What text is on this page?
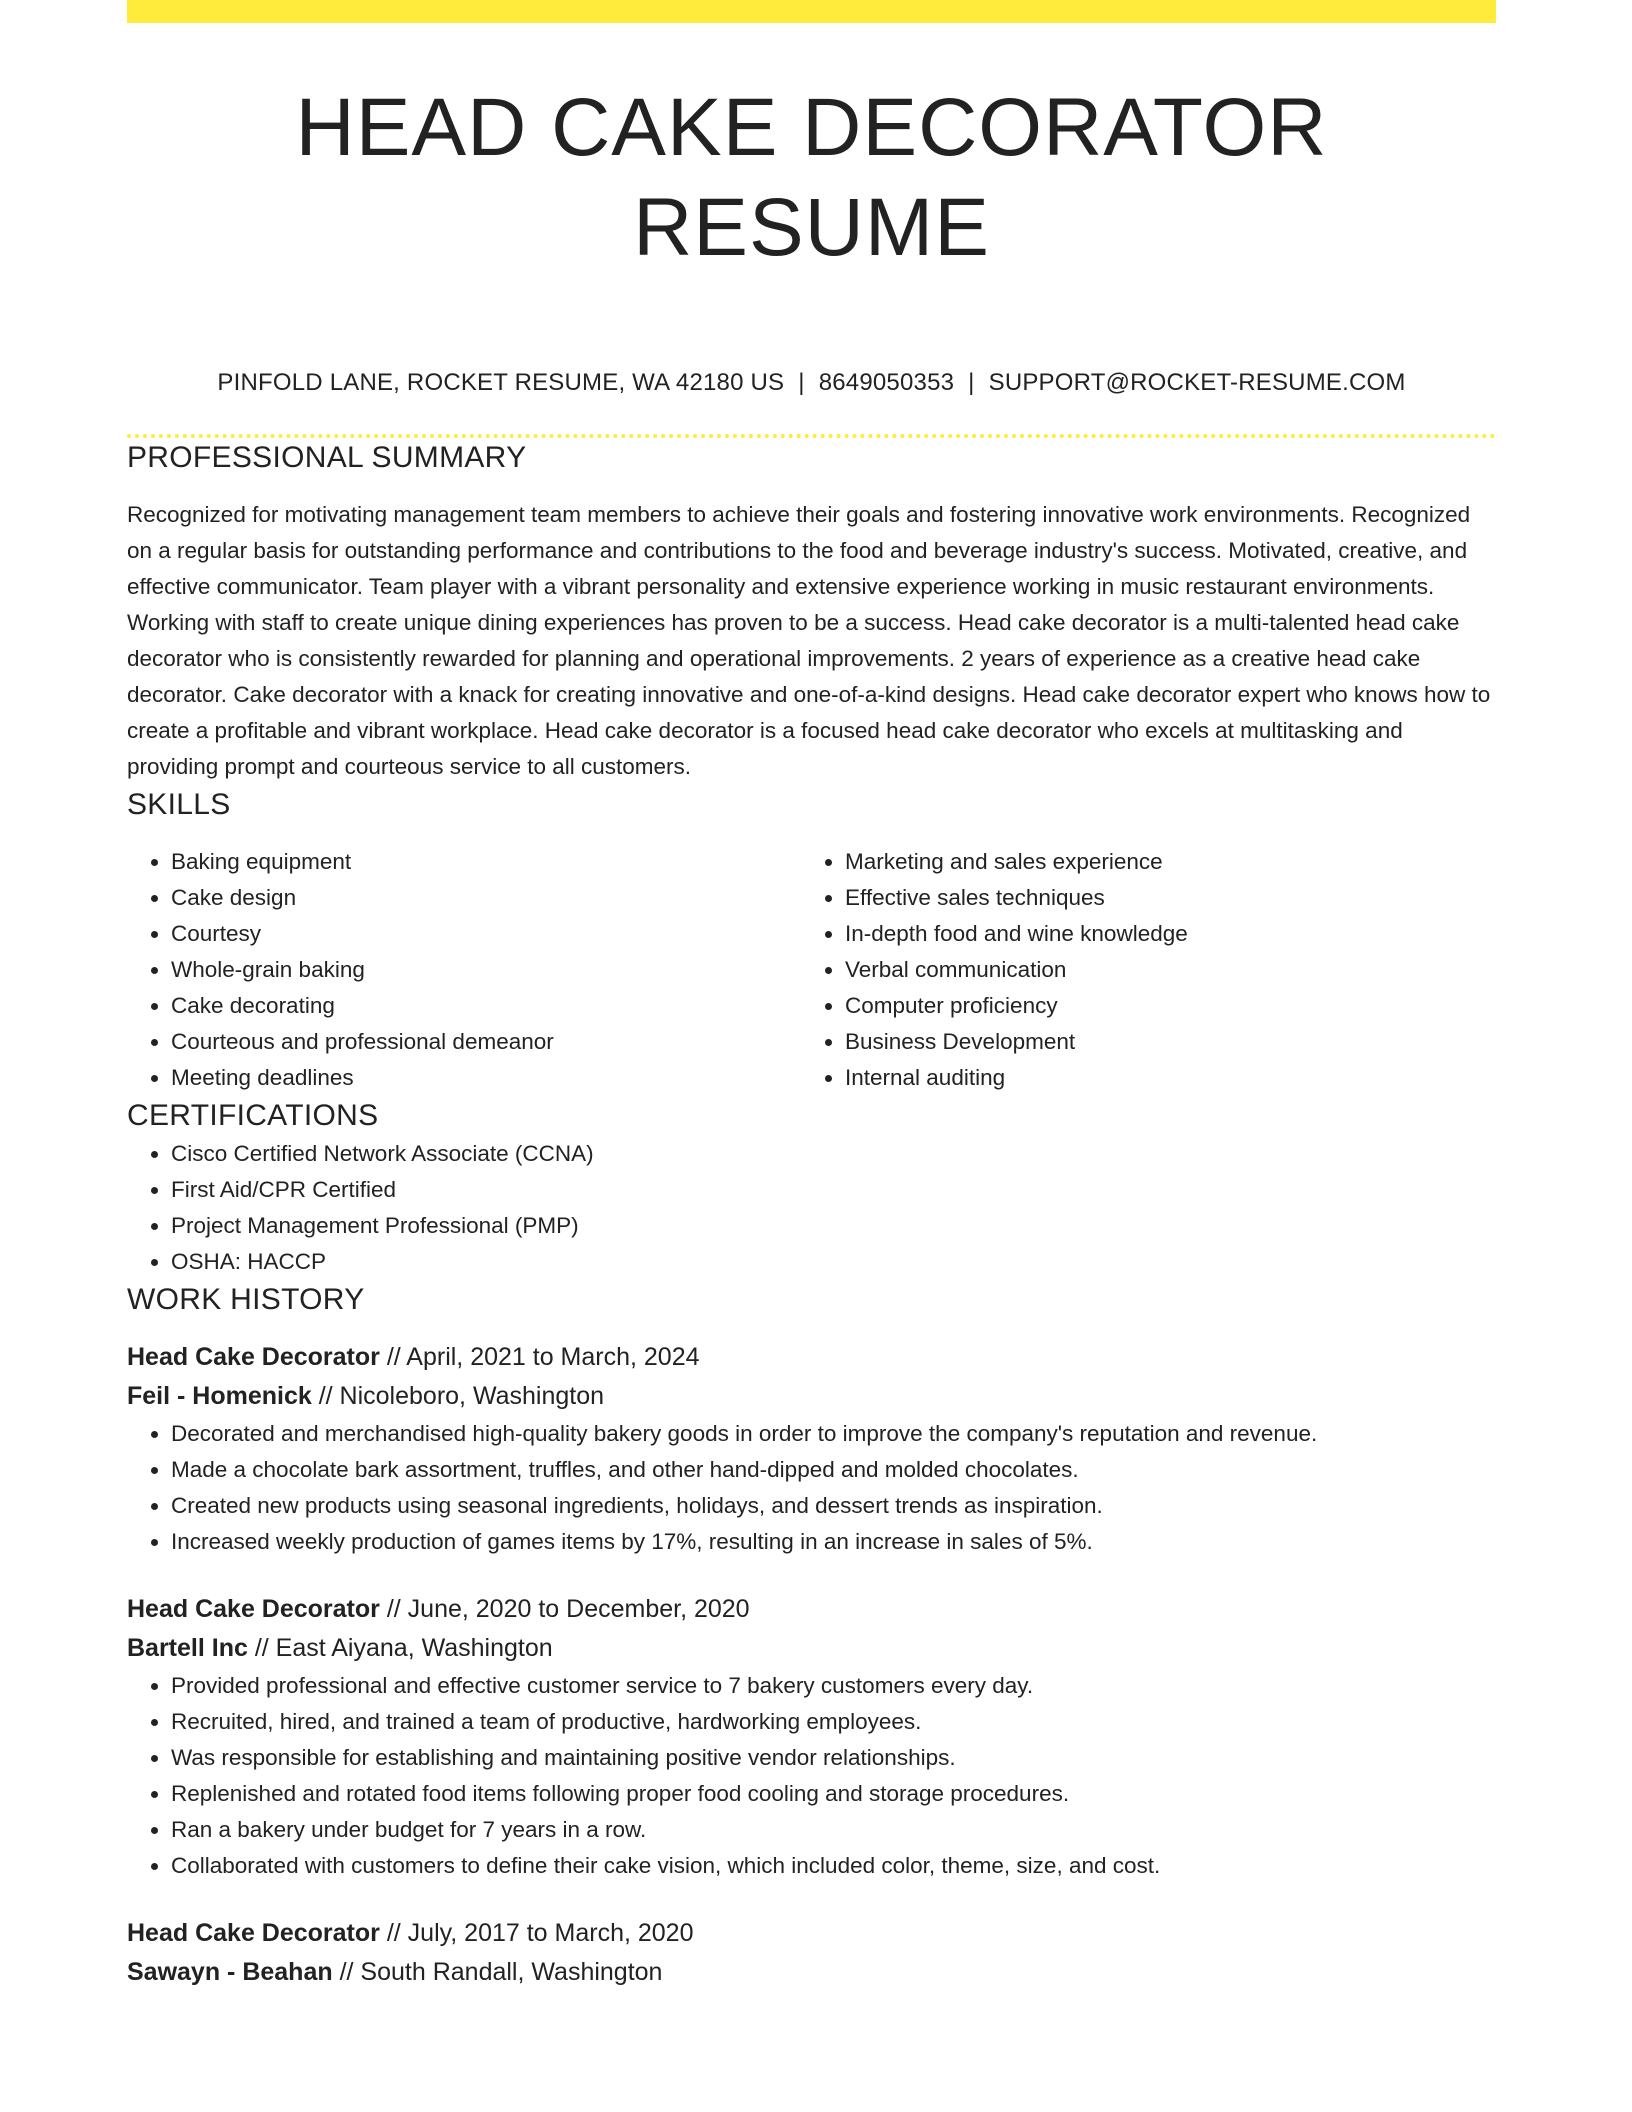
HEAD CAKE DECORATOR RESUME
PINFOLD LANE, ROCKET RESUME, WA 42180 US | 8649050353 | SUPPORT@ROCKET-RESUME.COM
PROFESSIONAL SUMMARY

Recognized for motivating management team members to achieve their goals and fostering innovative work environments. Recognized on a regular basis for outstanding performance and contributions to the food and beverage industry's success. Motivated, creative, and effective communicator. Team player with a vibrant personality and extensive experience working in music restaurant environments. Working with staff to create unique dining experiences has proven to be a success. Head cake decorator is a multi-talented head cake decorator who is consistently rewarded for planning and operational improvements. 2 years of experience as a creative head cake decorator. Cake decorator with a knack for creating innovative and one-of-a-kind designs. Head cake decorator expert who knows how to create a profitable and vibrant workplace. Head cake decorator is a focused head cake decorator who excels at multitasking and providing prompt and courteous service to all customers.

SKILLS
• Baking equipment
• Cake design
• Courtesy
• Whole-grain baking
• Cake decorating
• Courteous and professional demeanor
• Meeting deadlines
• Marketing and sales experience
• Effective sales techniques
• In-depth food and wine knowledge
• Verbal communication
• Computer proficiency
• Business Development
• Internal auditing
CERTIFICATIONS
• Cisco Certified Network Associate (CCNA)
• First Aid/CPR Certified
• Project Management Professional (PMP)
• OSHA: HACCP
WORK HISTORY
Head Cake Decorator // April, 2021 to March, 2024
Feil - Homenick // Nicoleboro, Washington
• Decorated and merchandised high-quality bakery goods in order to improve the company's reputation and revenue.
• Made a chocolate bark assortment, truffles, and other hand-dipped and molded chocolates.
• Created new products using seasonal ingredients, holidays, and dessert trends as inspiration.
• Increased weekly production of games items by 17%, resulting in an increase in sales of 5%.
Head Cake Decorator // June, 2020 to December, 2020
Bartell Inc // East Aiyana, Washington
• Provided professional and effective customer service to 7 bakery customers every day.
• Recruited, hired, and trained a team of productive, hardworking employees.
• Was responsible for establishing and maintaining positive vendor relationships.
• Replenished and rotated food items following proper food cooling and storage procedures.
• Ran a bakery under budget for 7 years in a row.
• Collaborated with customers to define their cake vision, which included color, theme, size, and cost.
Head Cake Decorator // July, 2017 to March, 2020
Sawayn - Beahan // South Randall, Washington
